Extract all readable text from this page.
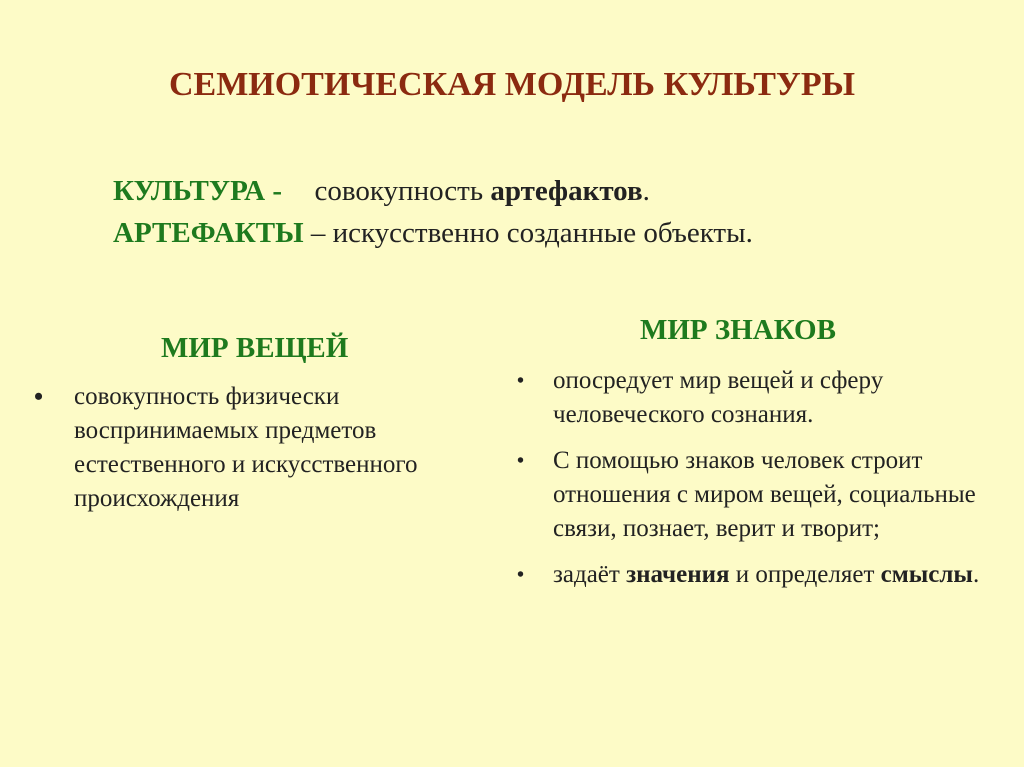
СЕМИОТИЧЕСКАЯ МОДЕЛЬ КУЛЬТУРЫ
КУЛЬТУРА - совокупность артефактов.
АРТЕФАКТЫ – искусственно созданные объекты.
МИР ВЕЩЕЙ
МИР ЗНАКОВ
• совокупность физически воспринимаемых предметов естественного и искусственного происхождения
• опосредует мир вещей и сферу человеческого сознания.
• С помощью знаков человек строит отношения с миром вещей, социальные связи, познает, верит и творит;
• задаёт значения и определяет смыслы.
